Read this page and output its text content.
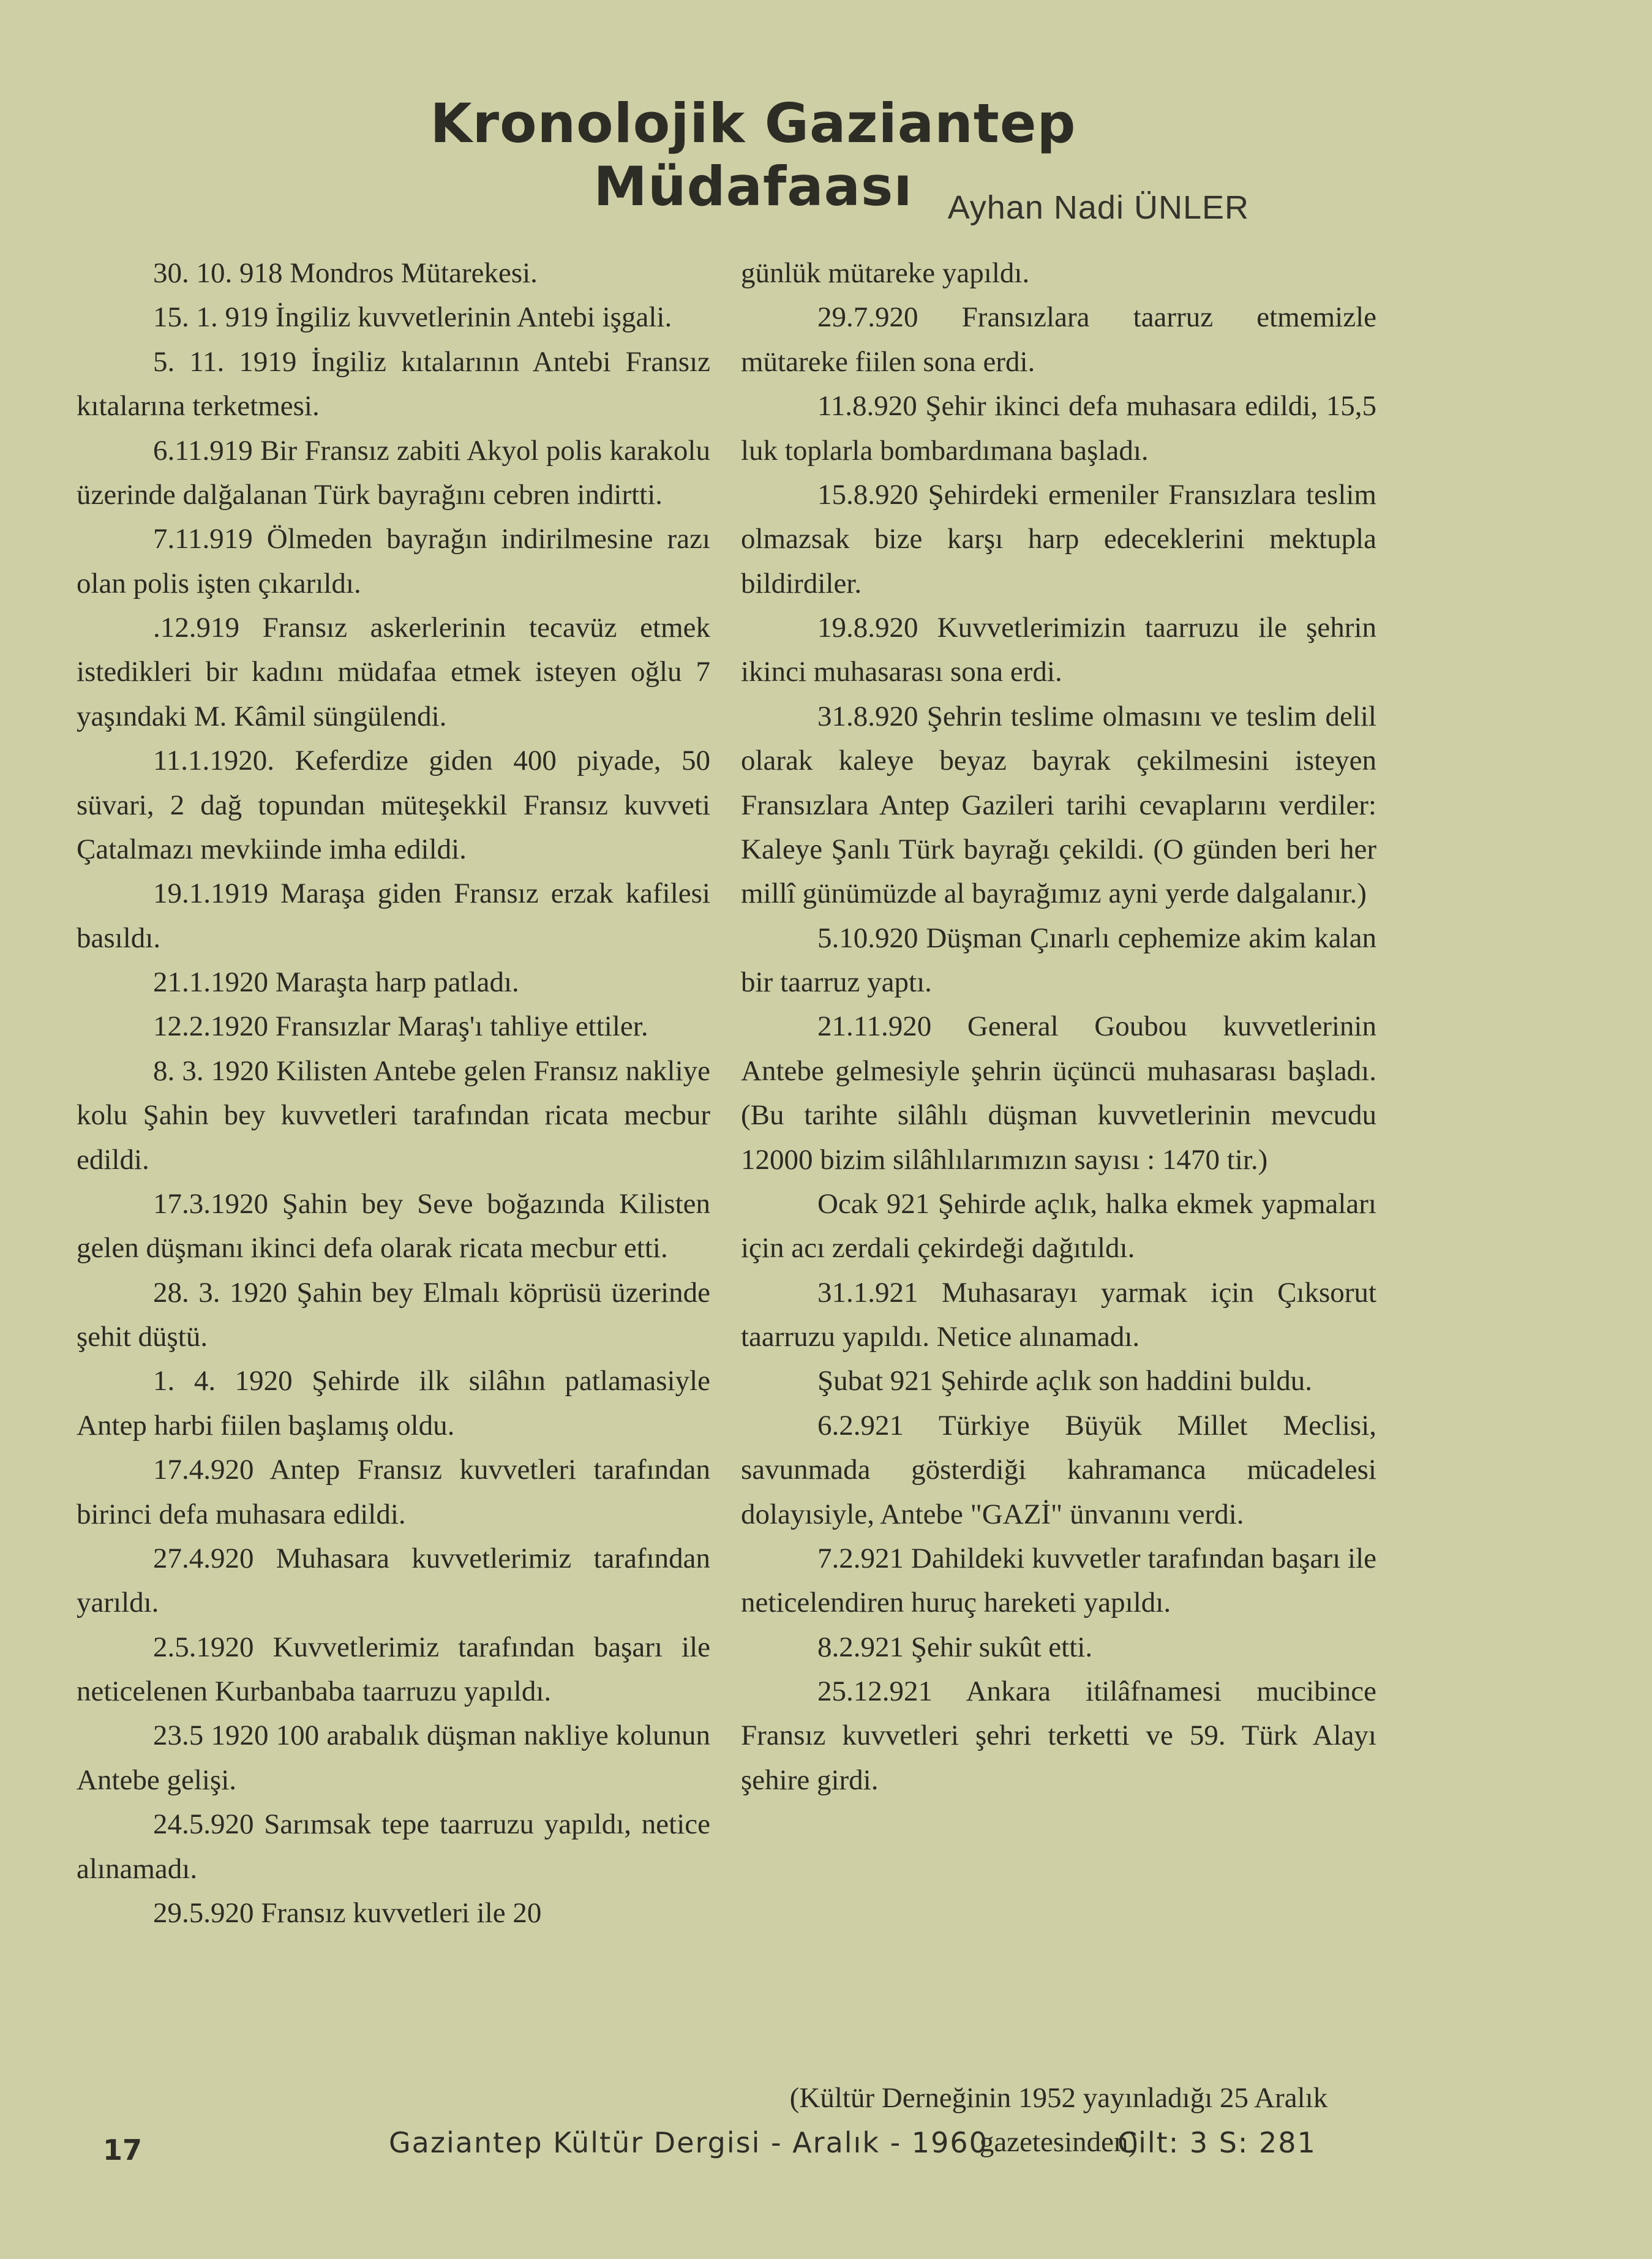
Kronolojik Gaziantep Müdafaası	Ayhan Nadi ÜNLER

30. 10. 918 Mondros Mütarekesi.

15. 1. 919 İngiliz kuvvetlerinin Antebi işgali.

5. 11. 1919 İngiliz kıtalarının Antebi Fransız kıtalarına terketmesi.

6.11.919 Bir Fransız zabiti Akyol polis karakolu üzerinde dalğalanan Türk bayrağını cebren indirtti.

7.11.919 Ölmeden bayrağın indirilmesine razı olan polis işten çıkarıldı.

.12.919 Fransız askerlerinin tecavüz etmek istedikleri bir kadını müdafaa etmek isteyen oğlu 7 yaşındaki M. Kâmil süngülendi.

11.1.1920. Keferdize giden 400 piyade, 50 süvari, 2 dağ topundan müteşekkil Fransız kuvveti Çatalmazı mevkiinde imha edildi.

19.1.1919 Maraşa giden Fransız erzak kafilesi basıldı.

21.1.1920 Maraşta harp patladı.

12.2.1920 Fransızlar Maraş'ı tahliye ettiler.

8. 3. 1920 Kilisten Antebe gelen Fransız nakliye kolu Şahin bey kuvvetleri tarafından ricata mecbur edildi.

17.3.1920 Şahin bey Seve boğazında Kilisten gelen düşmanı ikinci defa olarak ricata mecbur etti.

28. 3. 1920 Şahin bey Elmalı köprüsü üzerinde şehit düştü.

1. 4. 1920 Şehirde ilk silâhın patlamasiyle Antep harbi fiilen başlamış oldu.

17.4.920 Antep Fransız kuvvetleri tarafından birinci defa muhasara edildi.

27.4.920 Muhasara kuvvetlerimiz tarafından yarıldı.

2.5.1920 Kuvvetlerimiz tarafından başarı ile neticelenen Kurbanbaba taarruzu yapıldı.

23.5 1920 100 arabalık düşman nakliye kolunun Antebe gelişi.

24.5.920 Sarımsak tepe taarruzu yapıldı, netice alınamadı.

29.5.920 Fransız kuvvetleri ile 20

günlük mütareke yapıldı.

29.7.920 Fransızlara taarruz etmemizle mütareke fiilen sona erdi.

11.8.920 Şehir ikinci defa muhasara edildi, 15,5 luk toplarla bombardımana başladı.

15.8.920 Şehirdeki ermeniler Fransızlara teslim olmazsak bize karşı harp edeceklerini mektupla bildirdiler.

19.8.920 Kuvvetlerimizin taarruzu ile şehrin ikinci muhasarası sona erdi.

31.8.920 Şehrin teslime olmasını ve teslim delil olarak kaleye beyaz bayrak çekilmesini isteyen Fransızlara Antep Gazileri tarihi cevaplarını verdiler: Kaleye Şanlı Türk bayrağı çekildi. (O günden beri her millî günümüzde al bayrağımız ayni yerde dalgalanır.)

5.10.920 Düşman Çınarlı cephemize akim kalan bir taarruz yaptı.

21.11.920 General Goubou kuvvetlerinin Antebe gelmesiyle şehrin üçüncü muhasarası başladı. (Bu tarihte silâhlı düşman kuvvetlerinin mevcudu 12000 bizim silâhlılarımızın sayısı : 1470 tir.)

Ocak 921 Şehirde açlık, halka ekmek yapmaları için acı zerdali çekirdeği dağıtıldı.

31.1.921 Muhasarayı yarmak için Çıksorut taarruzu yapıldı. Netice alınamadı.

Şubat 921 Şehirde açlık son haddini buldu.

6.2.921 Türkiye Büyük Millet Meclisi, savunmada gösterdiği kahramanca mücadelesi dolayısiyle, Antebe "GAZİ" ünvanını verdi.

7.2.921 Dahildeki kuvvetler tarafından başarı ile neticelendiren huruç hareketi yapıldı.

8.2.921 Şehir sukût etti.

25.12.921 Ankara itilâfnamesi mucibince Fransız kuvvetleri şehri terketti ve 59. Türk Alayı şehire girdi.

(Kültür Derneğinin 1952 yayınladığı 25 Aralık gazetesinden)
17	Gaziantep Kültür Dergisi - Aralık - 1960	Cilt: 3 S: 281
